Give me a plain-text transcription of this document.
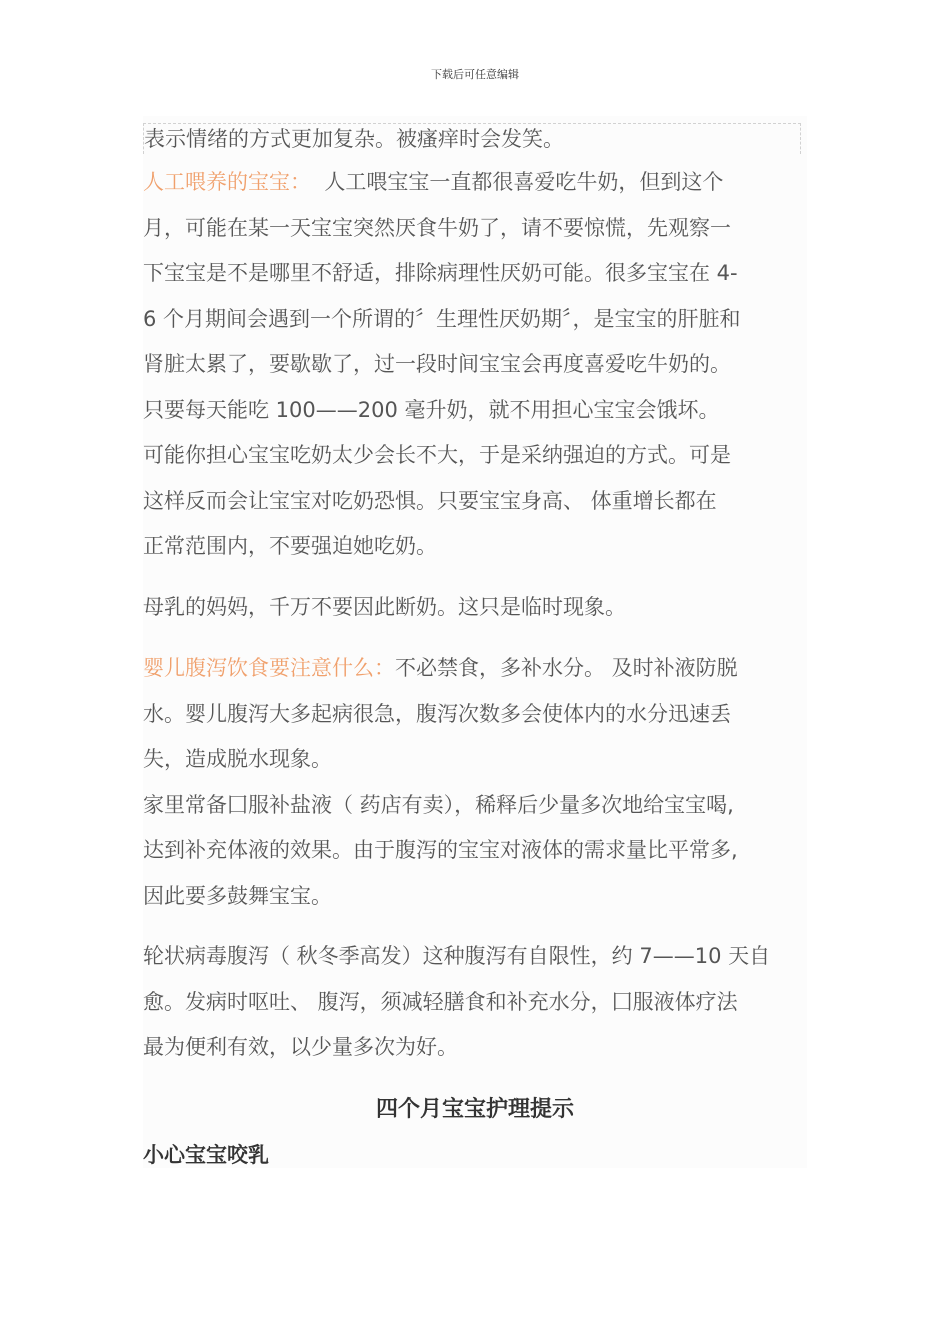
下载后可任意编辑
表示情绪的方式更加复杂。被瘙痒时会发笑。
人工喂养的宝宝：  人工喂宝宝一直都很喜爱吃牛奶，但到这个
月，可能在某一天宝宝突然厌食牛奶了，请不要惊慌，先观察一
下宝宝是不是哪里不舒适，排除病理性厌奶可能。很多宝宝在 4-
6 个月期间会遇到一个所谓的〞生理性厌奶期〞，是宝宝的肝脏和
肾脏太累了，要歇歇了，过一段时间宝宝会再度喜爱吃牛奶的。
只要每天能吃 100——200 毫升奶，就不用担心宝宝会饿坏。
可能你担心宝宝吃奶太少会长不大，于是采纳强迫的方式。可是
这样反而会让宝宝对吃奶恐惧。只要宝宝身高、 体重增长都在
正常范围内，不要强迫她吃奶。
母乳的妈妈，千万不要因此断奶。这只是临时现象。
婴儿腹泻饮食要注意什么：不必禁食，多补水分。 及时补液防脱
水。婴儿腹泻大多起病很急，腹泻次数多会使体内的水分迅速丢
失，造成脱水现象。
家里常备囗服补盐液（ 药店有卖），稀释后少量多次地给宝宝喝,
达到补充体液的效果。由于腹泻的宝宝对液体的需求量比平常多,
因此要多鼓舞宝宝。
轮状病毒腹泻（ 秋冬季高发）这种腹泻有自限性，约 7——10 天自
愈。发病时呕吐、 腹泻，须减轻膳食和补充水分，囗服液体疗法
最为便利有效，以少量多次为好。
四个月宝宝护理提示
小心宝宝咬乳
